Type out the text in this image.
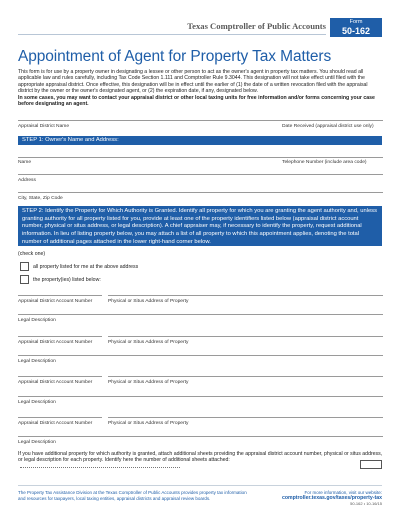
Texas Comptroller of Public Accounts	Form
50-162
Appointment of Agent for Property Tax Matters

This form is for use by a property owner in designating a lessee or other person to act as the owner's agent in property tax matters. You should read all applicable law and rules carefully, including Tax Code Section 1.111 and Comptroller Rule 9.3044. This designation will not take effect until filed with the appropriate appraisal district. Once effective, this designation will be in effect until the earlier of (1) the date of a written revocation filed with the appraisal district by the owner or the owner's designated agent, or (2) the expiration date, if any, designated below.

In some cases, you may want to contact your appraisal district or other local taxing units for free information and/or forms concerning your case before designating an agent.

Appraisal District Name	Date Received (appraisal district use only)
STEP 1: Owner's Name and Address:
Name	Telephone Number (include area code)
Address
City, State, Zip Code
STEP 2: Identify the Property for Which Authority is Granted. Identify all property for which you are granting the agent authority and, unless granting authority for all property listed for you, provide at least one of the property identifiers listed below (appraisal district account number, physical or situs address, or legal description). A chief appraiser may, if necessary to identify the property, request additional information. In lieu of listing property below, you may attach a list of all property to which this appointment applies, denoting the total number of additional pages attached in the lower right-hand corner below.
(check one)
all property listed for me at the above address
the property(ies) listed below:
Appraisal District Account Number	Physical or Situs Address of Property
Legal Description
Appraisal District Account Number	Physical or Situs Address of Property
Legal Description
Appraisal District Account Number	Physical or Situs Address of Property
Legal Description
Appraisal District Account Number	Physical or Situs Address of Property
Legal Description

If you have additional property for which authority is granted, attach additional sheets providing the appraisal district account number, physical or situs address, or legal description for each property. Identify here the number of additional sheets attached:

The Property Tax Assistance Division at the Texas Comptroller of Public Accounts provides property tax information and resources for taxpayers, local taxing entities, appraisal districts and appraisal review boards.

For more information, visit our website:
comptroller.texas.gov/taxes/property-tax
50-162 • 10-16/15
